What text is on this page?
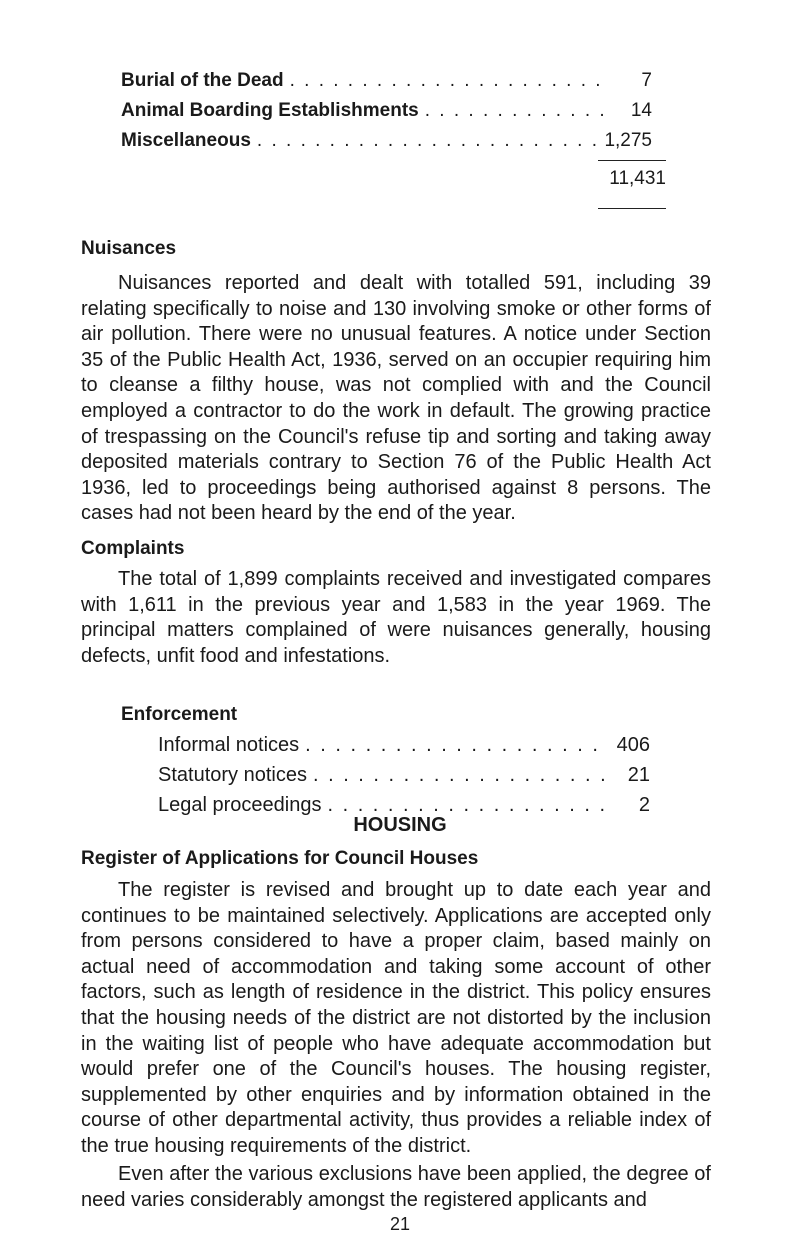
Burial of the Dead . . .	7
Animal Boarding Establishments . . .	14
Miscellaneous . . .	1,275
11,431
Nuisances

Nuisances reported and dealt with totalled 591, including 39 relating specifically to noise and 130 involving smoke or other forms of air pollution. There were no unusual features. A notice under Section 35 of the Public Health Act, 1936, served on an occupier requiring him to cleanse a filthy house, was not complied with and the Council employed a contractor to do the work in default. The growing practice of trespassing on the Council's refuse tip and sorting and taking away deposited materials contrary to Section 76 of the Public Health Act 1936, led to proceedings being authorised against 8 persons. The cases had not been heard by the end of the year.

Complaints

The total of 1,899 complaints received and investigated compares with 1,611 in the previous year and 1,583 in the year 1969. The principal matters complained of were nuisances generally, housing defects, unfit food and infestations.

Enforcement
Informal notices . . .	406
Statutory notices . . .	21
Legal proceedings . . .	2
HOUSING
Register of Applications for Council Houses

The register is revised and brought up to date each year and continues to be maintained selectively. Applications are accepted only from persons considered to have a proper claim, based mainly on actual need of accommodation and taking some account of other factors, such as length of residence in the district. This policy ensures that the housing needs of the district are not distorted by the inclusion in the waiting list of people who have adequate accommodation but would prefer one of the Council's houses. The housing register, supplemented by other enquiries and by information obtained in the course of other departmental activity, thus provides a reliable index of the true housing requirements of the district.

Even after the various exclusions have been applied, the degree of need varies considerably amongst the registered applicants and

21
